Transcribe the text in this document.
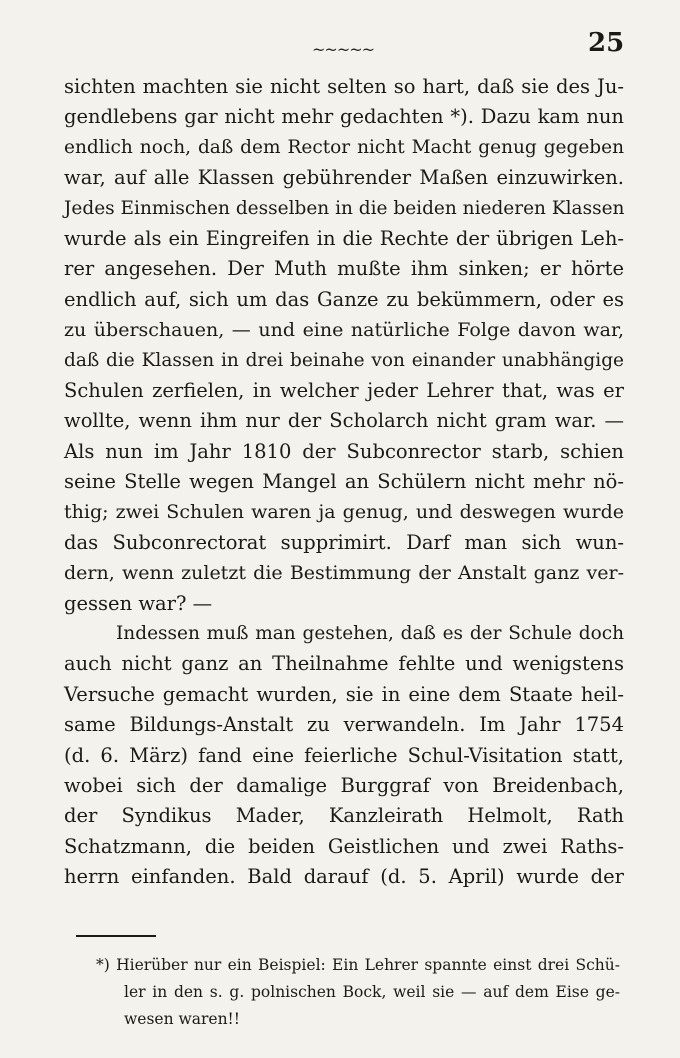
~~~~~	25
sichten machten sie nicht selten so hart, daß sie des Ju-
gendlebens gar nicht mehr gedachten *). Dazu kam nun
endlich noch, daß dem Rector nicht Macht genug gegeben
war, auf alle Klassen gebührender Maßen einzuwirken.
Jedes Einmischen desselben in die beiden niederen Klassen
wurde als ein Eingreifen in die Rechte der übrigen Leh-
rer angesehen. Der Muth mußte ihm sinken; er hörte
endlich auf, sich um das Ganze zu bekümmern, oder es
zu überschauen, — und eine natürliche Folge davon war,
daß die Klassen in drei beinahe von einander unabhängige
Schulen zerfielen, in welcher jeder Lehrer that, was er
wollte, wenn ihm nur der Scholarch nicht gram war. —
Als nun im Jahr 1810 der Subconrector starb, schien
seine Stelle wegen Mangel an Schülern nicht mehr nö-
thig; zwei Schulen waren ja genug, und deswegen wurde
das Subconrectorat supprimirt. Darf man sich wun-
dern, wenn zuletzt die Bestimmung der Anstalt ganz ver-
gessen war? —
Indessen muß man gestehen, daß es der Schule doch
auch nicht ganz an Theilnahme fehlte und wenigstens
Versuche gemacht wurden, sie in eine dem Staate heil-
same Bildungs-Anstalt zu verwandeln. Im Jahr 1754
(d. 6. März) fand eine feierliche Schul-Visitation statt,
wobei sich der damalige Burggraf von Breidenbach,
der Syndikus Mader, Kanzleirath Helmolt, Rath
Schatzmann, die beiden Geistlichen und zwei Raths-
herrn einfanden. Bald darauf (d. 5. April) wurde der
*) Hierüber nur ein Beispiel: Ein Lehrer spannte einst drei Schü-
ler in den s. g. polnischen Bock, weil sie — auf dem Eise ge-
wesen waren!!
